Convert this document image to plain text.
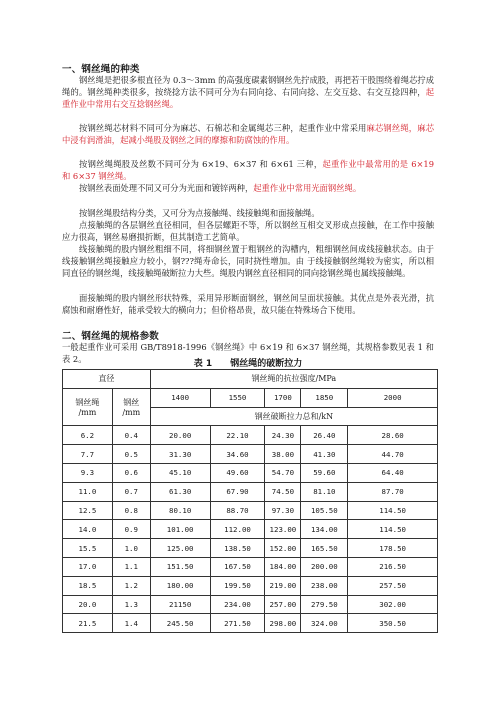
一、钢丝绳的种类

钢丝绳是把很多根直径为 0.3～3mm 的高强度碳素钢钢丝先拧成股，再把若干股围绕着绳芯拧成绳的。钢丝绳种类很多，按绕捻方法不同可分为右同向捻、右同向捻、左交互捻、右交互捻四种，起重作业中常用右交互捻钢丝绳。

按钢丝绳芯材料不同可分为麻芯、石棉芯和金属绳芯三种，起重作业中常采用麻芯钢丝绳，麻芯中浸有润滑油，起减小绳股及钢丝之间的摩擦和防腐蚀的作用。

按钢丝绳绳股及丝数不同可分为 6×19、6×37 和 6×61 三种，起重作业中最常用的是 6×19 和 6×37 钢丝绳。

按钢丝表面处理不同又可分为光面和镀锌两种，起重作业中常用光面钢丝绳。

按钢丝绳股结构分类，又可分为点接触绳、线接触绳和面接触绳。

点接触绳的各层钢丝直径相同，但各层螺距不等，所以钢丝互相交叉形成点接触，在工作中接触应力很高，钢丝易磨损折断，但其制造工艺简单。

线接触绳的股内钢丝粗细不同，将细钢丝置于粗钢丝的沟槽内，粗细钢丝间成线接触状态。由于线接触钢丝绳接触应力较小，钢???绳寿命长，同时挠性增加。由 于线接触钢丝绳较为密实，所以相同直径的钢丝绳，线接触绳破断拉力大些。绳股内钢丝直径相同的同向捻钢丝绳也属线接触绳。

面接触绳的股内钢丝形状特殊，采用异形断面钢丝，钢丝间呈面状接触。其优点是外表光滑，抗腐蚀和耐磨性好，能承受较大的横向力；但价格昂贵，故只能在特殊场合下使用。

二、钢丝绳的规格参数

一般起重作业可采用 GB/T8918-1996《钢丝绳》中 6×19 和 6×37 钢丝绳，其规格参数见表 1 和表 2。	表 1　　钢丝绳的破断拉力
直径		钢丝绳的抗拉强度/MPa				
钢丝绳
/mm	钢丝
/mm	1400	1550	1700	1850	2000
		钢丝破断拉力总和/kN				
6.2	0.4	20.00	22.10	24.30	26.40	28.60
7.7	0.5	31.30	34.60	38.00	41.30	44.70
9.3	0.6	45.10	49.60	54.70	59.60	64.40
11.0	0.7	61.30	67.90	74.50	81.10	87.70
12.5	0.8	80.10	88.70	97.30	105.50	114.50
14.0	0.9	101.00	112.00	123.00	134.00	114.50
15.5	1.0	125.00	138.50	152.00	165.50	178.50
17.0	1.1	151.50	167.50	184.00	200.00	216.50
18.5	1.2	180.00	199.50	219.00	238.00	257.50
20.0	1.3	21150	234.00	257.00	279.50	302.00
21.5	1.4	245.50	271.50	298.00	324.00	350.50
